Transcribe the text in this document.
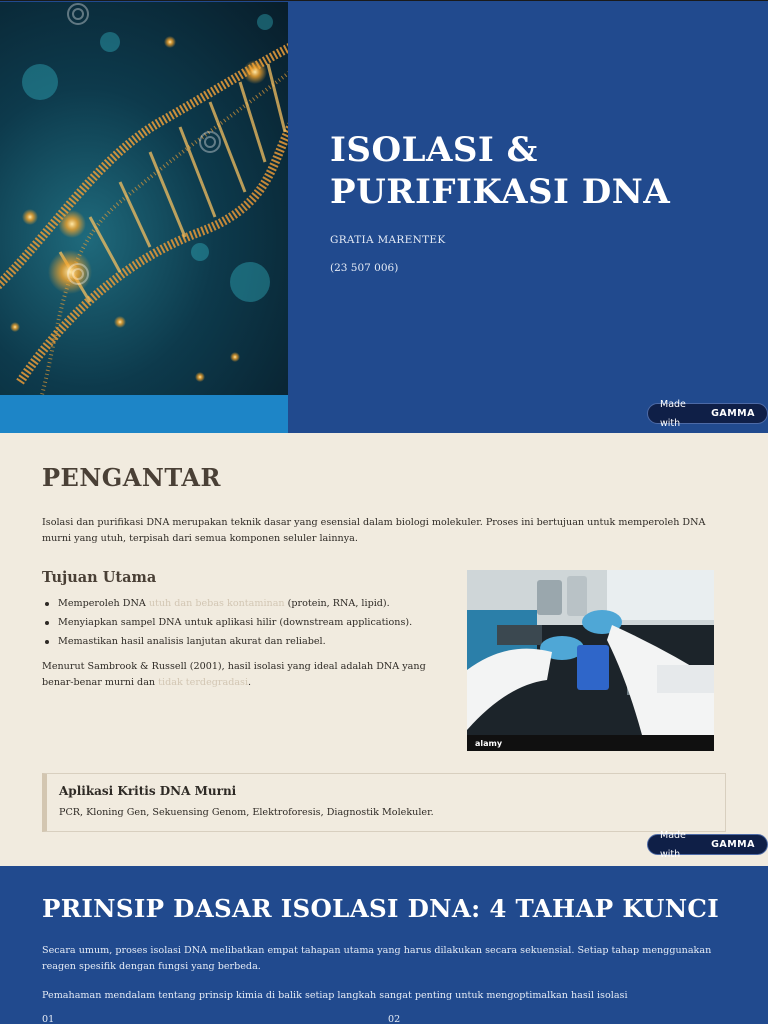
ISOLASI &
PURIFIKASI DNA
GRATIA MARENTEK
(23 507 006)
Made with
GAMMA
PENGANTAR

Isolasi dan purifikasi DNA merupakan teknik dasar yang esensial dalam biologi molekuler. Proses ini bertujuan untuk memperoleh DNA murni yang utuh, terpisah dari semua komponen seluler lainnya.

Tujuan Utama
Memperoleh DNA utuh dan bebas kontaminan (protein, RNA, lipid).
Menyiapkan sampel DNA untuk aplikasi hilir (downstream applications).
Memastikan hasil analisis lanjutan akurat dan reliabel.

Menurut Sambrook & Russell (2001), hasil isolasi yang ideal adalah DNA yang benar-benar murni dan tidak terdegradasi.

alamy
Aplikasi Kritis DNA Murni
PCR, Kloning Gen, Sekuensing Genom, Elektroforesis, Diagnostik Molekuler.
Made with
GAMMA
PRINSIP DASAR ISOLASI DNA: 4 TAHAP KUNCI

Secara umum, proses isolasi DNA melibatkan empat tahapan utama yang harus dilakukan secara sekuensial. Setiap tahap menggunakan reagen spesifik dengan fungsi yang berbeda.

Pemahaman mendalam tentang prinsip kimia di balik setiap langkah sangat penting untuk mengoptimalkan hasil isolasi

01	02
